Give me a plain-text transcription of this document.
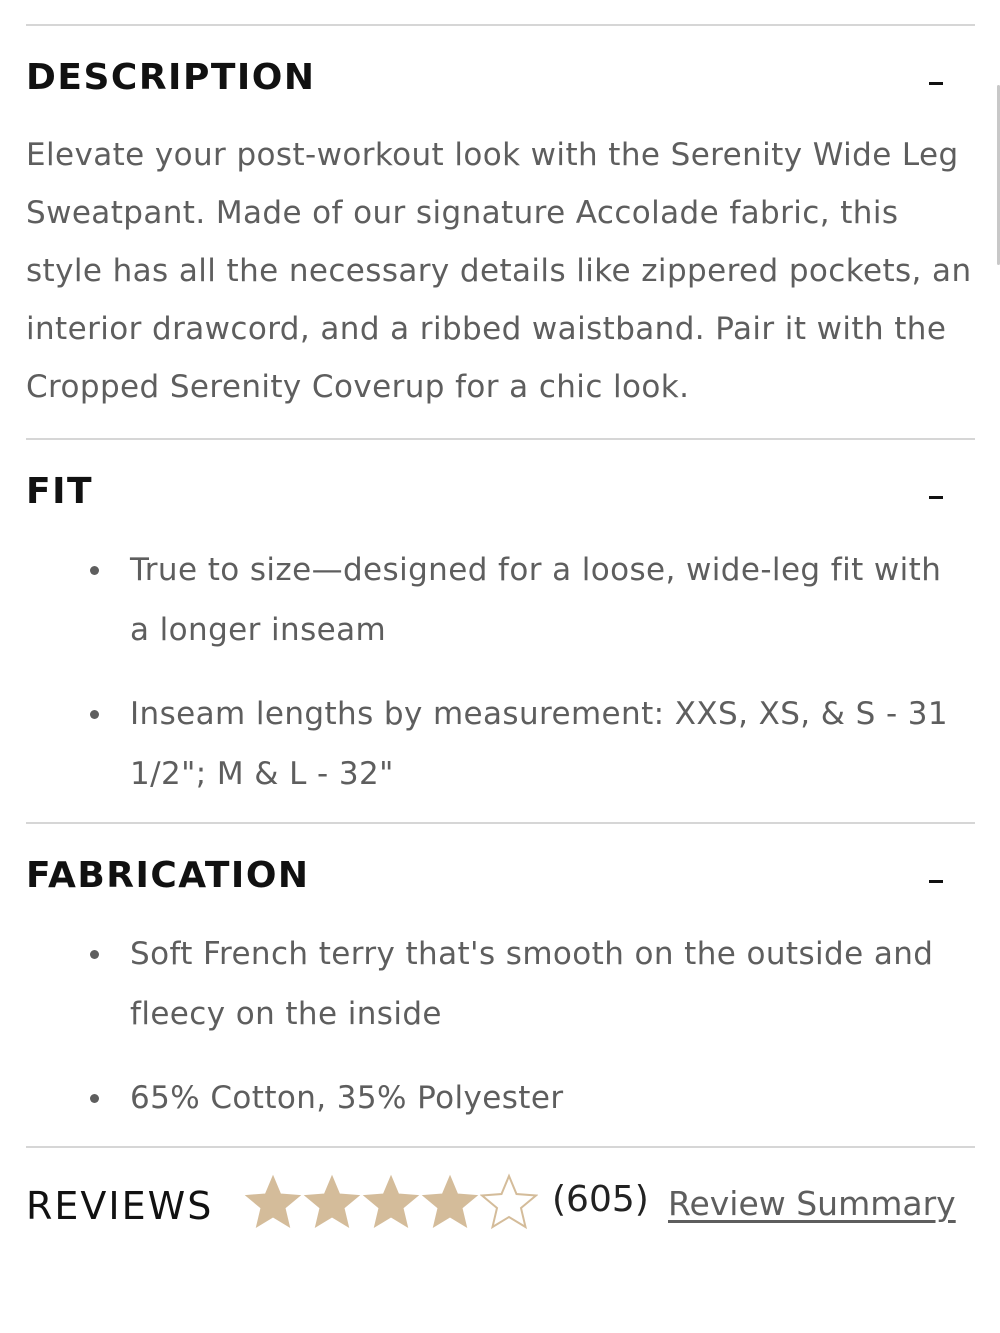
DESCRIPTION
Elevate your post-workout look with the Serenity Wide Leg Sweatpant. Made of our signature Accolade fabric, this style has all the necessary details like zippered pockets, an interior drawcord, and a ribbed waistband. Pair it with the Cropped Serenity Coverup for a chic look.
FIT
True to size—designed for a loose, wide-leg fit with a longer inseam
Inseam lengths by measurement: XXS, XS, & S - 31 1/2"; M & L - 32"
FABRICATION
Soft French terry that's smooth on the outside and fleecy on the inside
65% Cotton, 35% Polyester
REVIEWS	(605) Review Summary
